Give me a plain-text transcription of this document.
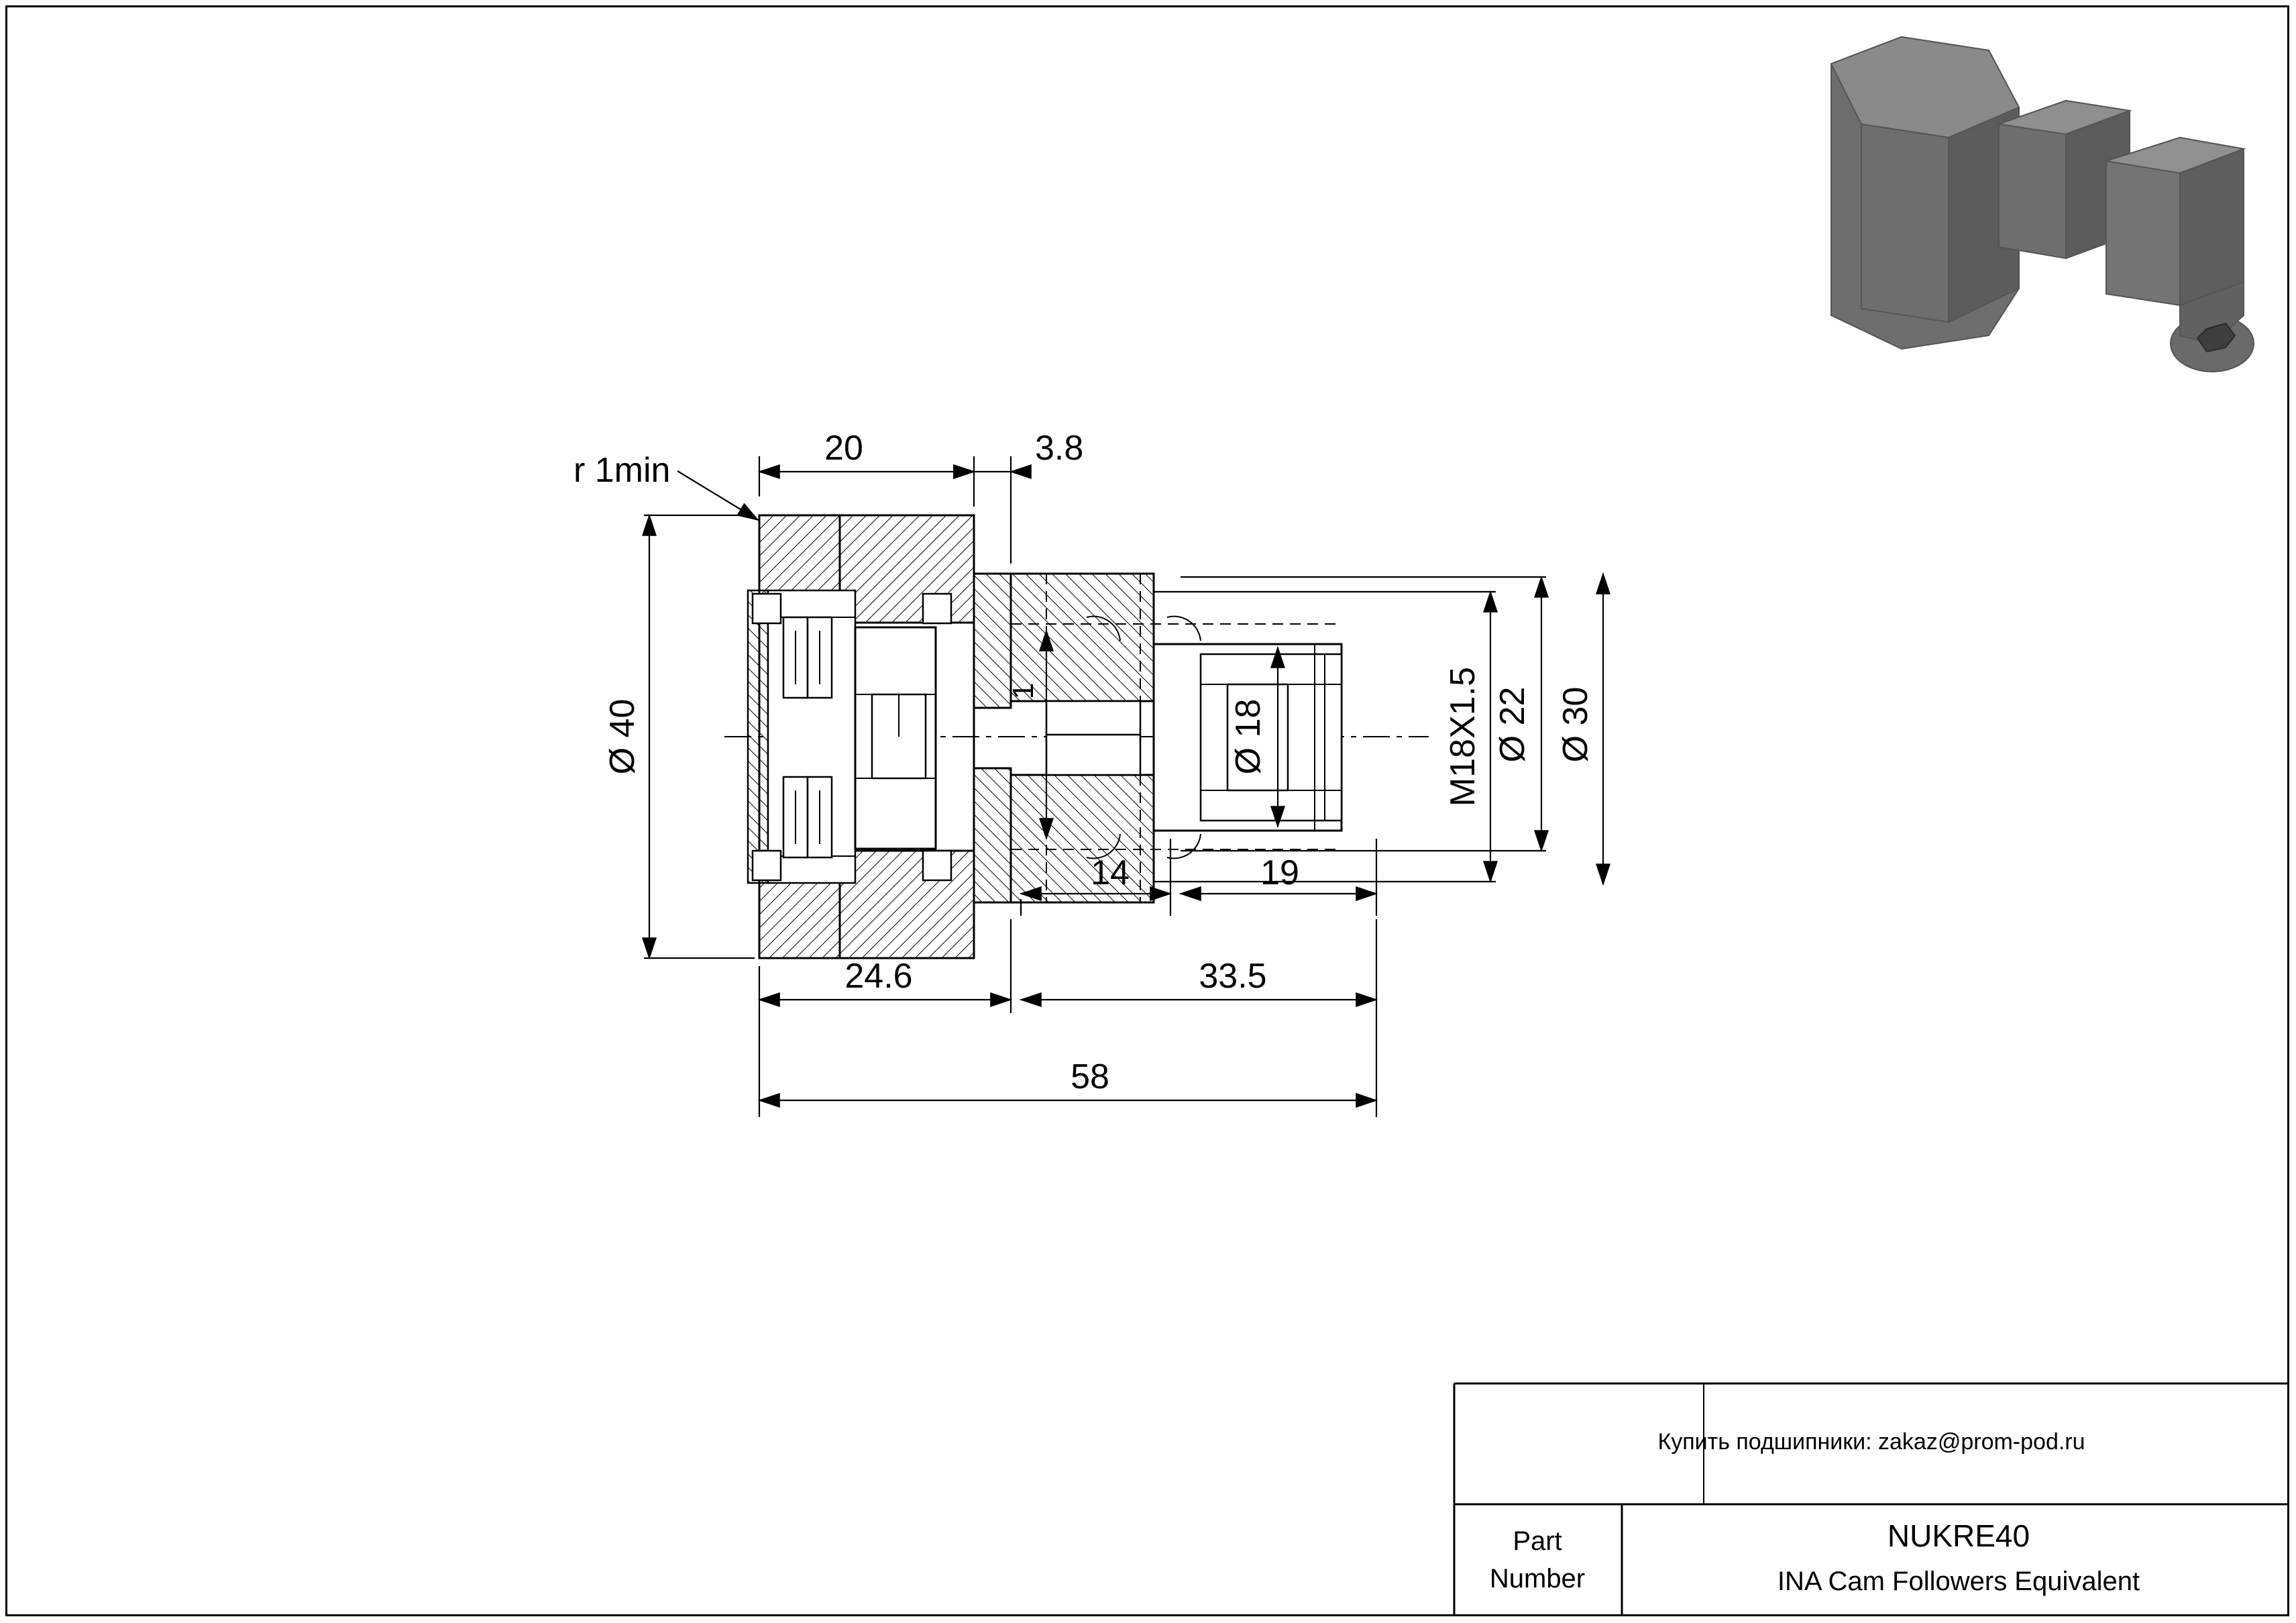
r 1min
20	3.8
Ø 40
1
Ø 18	M18X1.5 Ø 22 Ø 30
14	19
24.6	33.5
58
Купить подшипники: zakaz@prom-pod.ru
Part
Number
NUKRE40
INA Cam Followers Equivalent
